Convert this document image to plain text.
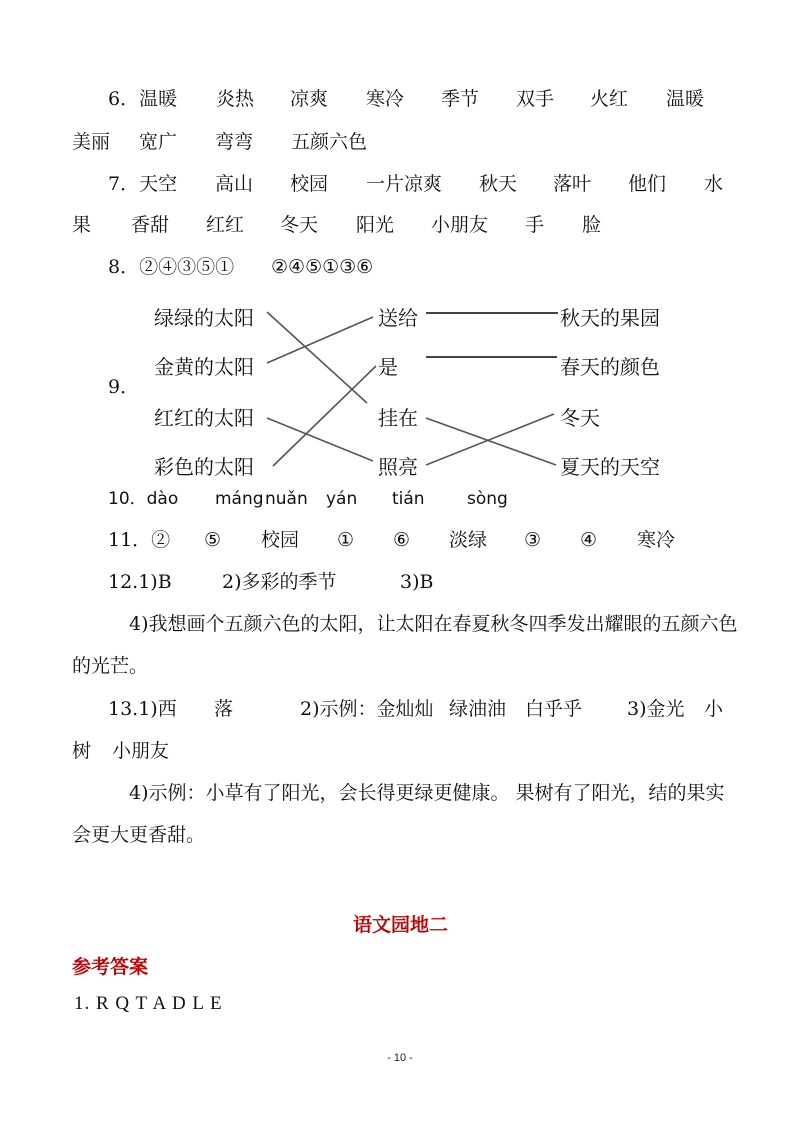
6．温暖 炎热 凉爽 寒冷 季节 双手 火红 温暖
美丽 宽广 弯弯 五颜六色
7．天空 高山 校园 一片凉爽 秋天 落叶 他们 水
果 香甜 红红 冬天 阳光 小朋友 手 脸
8．②④③⑤① ②④⑤①③⑥
9．
绿绿的太阳
金黄的太阳
红红的太阳
彩色的太阳
送给
是
挂在
照亮
秋天的果园
春天的颜色
冬天
夏天的天空
10．dào máng nuǎn yán tián sòng
11．② ⑤ 校园 ① ⑥ 淡绿 ③ ④ 寒冷
12.1)B	2)多彩的季节	3)B
4)我想画个五颜六色的太阳，让太阳在春夏秋冬四季发出耀眼的五颜六色
的光芒。
13.1)西 落	2)示例：金灿灿 绿油油 白乎乎 3)金光 小
树 小朋友
4)示例：小草有了阳光，会长得更绿更健康。 果树有了阳光，结的果实
会更大更香甜。
语文园地二
参考答案
1. R Q T A D L E
- 10 -
